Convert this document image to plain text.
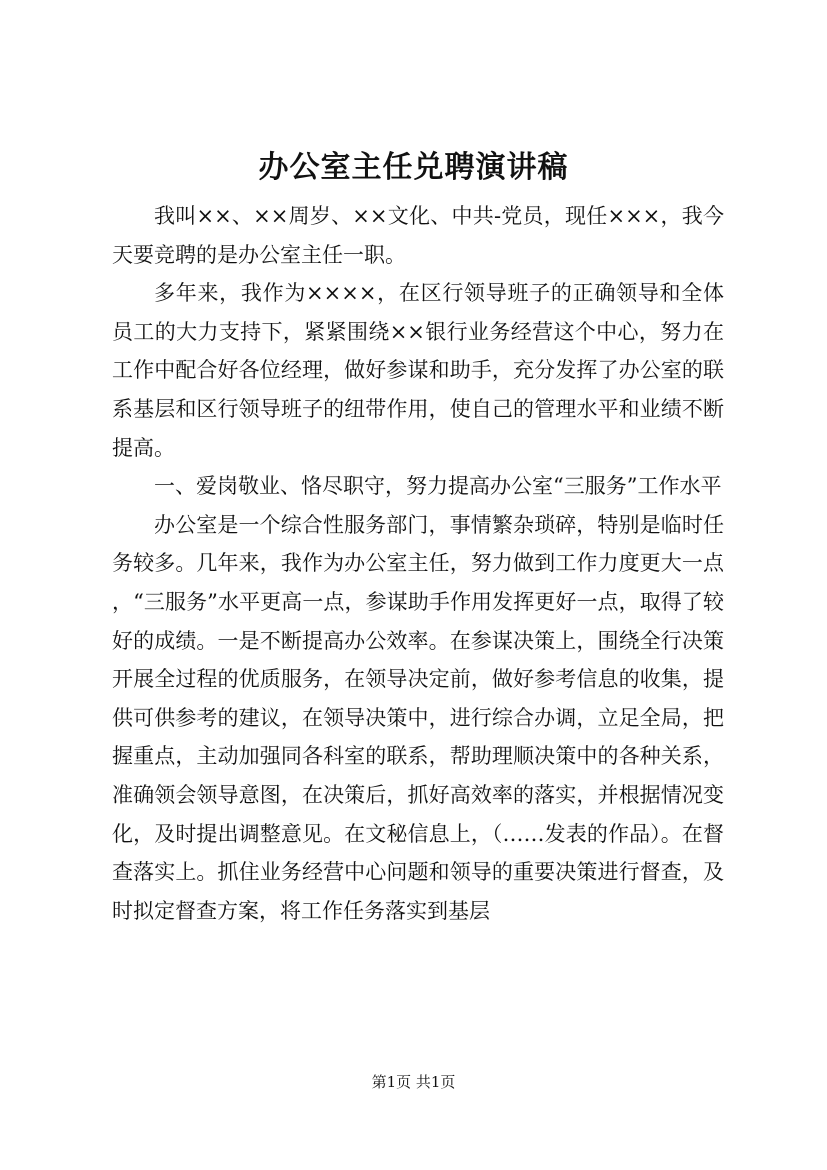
办公室主任兑聘演讲稿

我叫××、××周岁、××文化、中共-党员，现任×××，我今天要竞聘的是办公室主任一职。

多年来，我作为××××，在区行领导班子的正确领导和全体员工的大力支持下，紧紧围绕××银行业务经营这个中心，努力在工作中配合好各位经理，做好参谋和助手，充分发挥了办公室的联系基层和区行领导班子的纽带作用，使自己的管理水平和业绩不断提高。

一、爱岗敬业、恪尽职守，努力提高办公室“三服务”工作水平

办公室是一个综合性服务部门，事情繁杂琐碎，特别是临时任务较多。几年来，我作为办公室主任，努力做到工作力度更大一点，“三服务”水平更高一点，参谋助手作用发挥更好一点，取得了较好的成绩。一是不断提高办公效率。在参谋决策上，围绕全行决策开展全过程的优质服务，在领导决定前，做好参考信息的收集，提供可供参考的建议，在领导决策中，进行综合办调，立足全局，把握重点，主动加强同各科室的联系，帮助理顺决策中的各种关系，准确领会领导意图，在决策后，抓好高效率的落实，并根据情况变化，及时提出调整意见。在文秘信息上，（……发表的作品）。在督查落实上。抓住业务经营中心问题和领导的重要决策进行督查，及时拟定督查方案，将工作任务落实到基层

第1页 共1页
